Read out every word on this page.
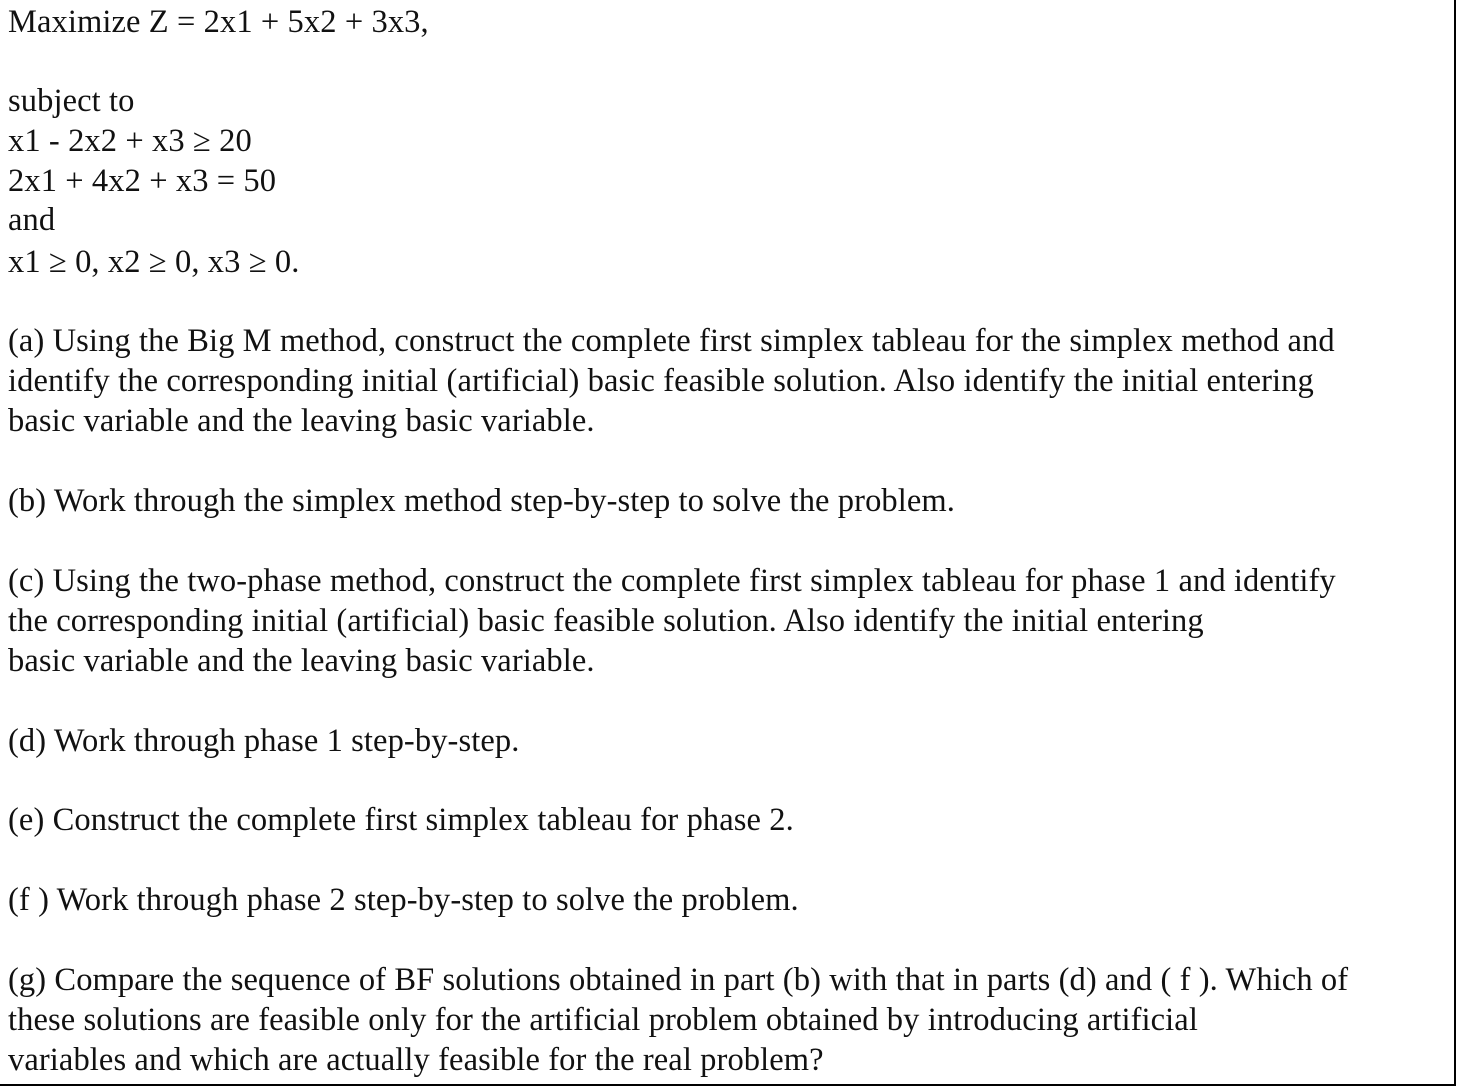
Maximize Z = 2x1 + 5x2 + 3x3,
subject to
x1 - 2x2 + x3 ≥ 20
2x1 + 4x2 + x3 = 50
and
x1 ≥ 0, x2 ≥ 0, x3 ≥ 0.
(a) Using the Big M method, construct the complete first simplex tableau for the simplex method and
identify the corresponding initial (artificial) basic feasible solution. Also identify the initial entering
basic variable and the leaving basic variable.
(b) Work through the simplex method step-by-step to solve the problem.
(c) Using the two-phase method, construct the complete first simplex tableau for phase 1 and identify
the corresponding initial (artificial) basic feasible solution. Also identify the initial entering
basic variable and the leaving basic variable.
(d) Work through phase 1 step-by-step.
(e) Construct the complete first simplex tableau for phase 2.
(f ) Work through phase 2 step-by-step to solve the problem.
(g) Compare the sequence of BF solutions obtained in part (b) with that in parts (d) and ( f ). Which of
these solutions are feasible only for the artificial problem obtained by introducing artificial
variables and which are actually feasible for the real problem?
